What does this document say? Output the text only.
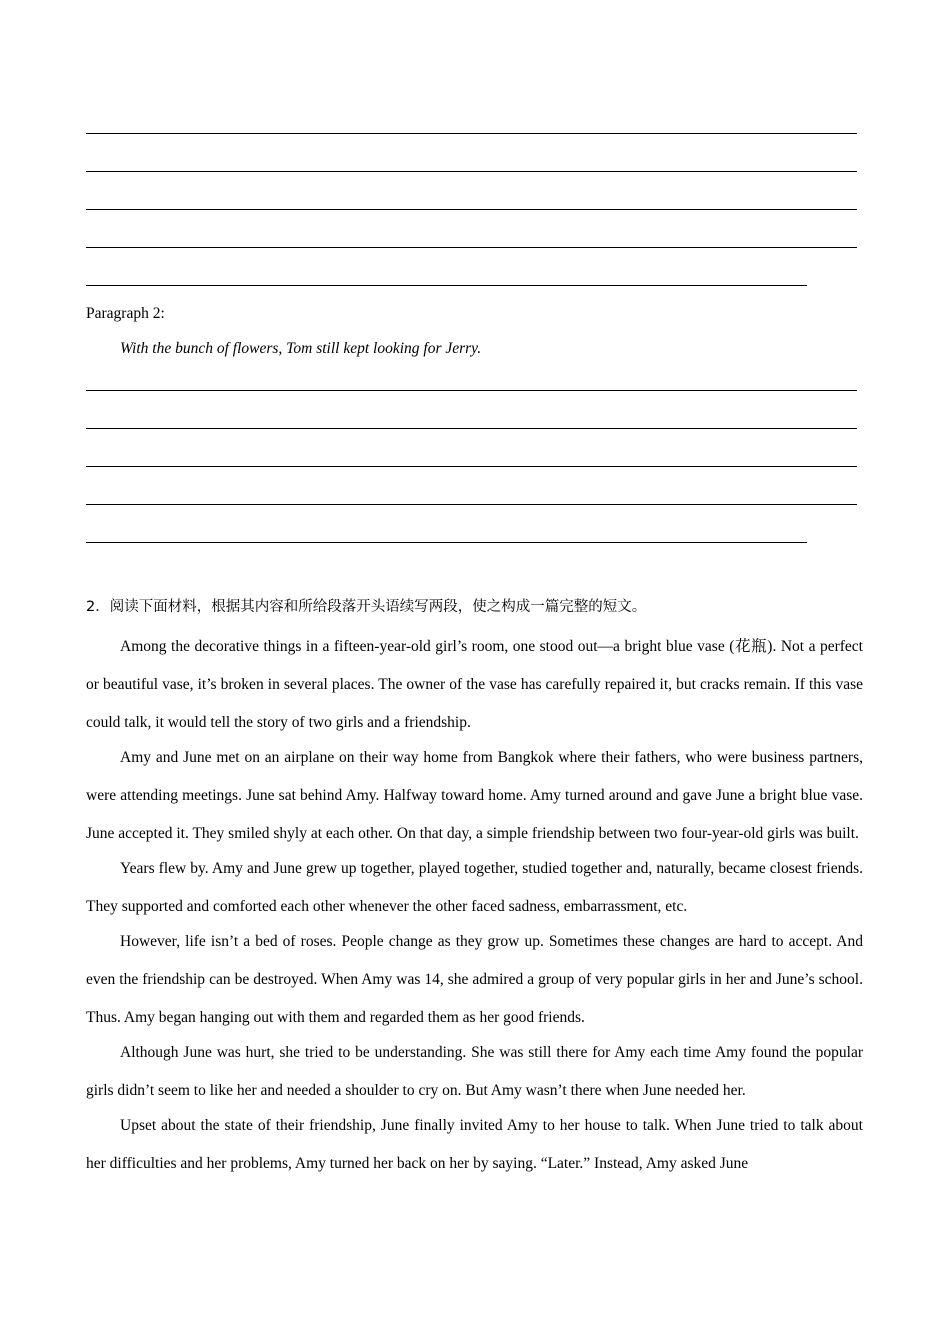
Paragraph 2:
With the bunch of flowers, Tom still kept looking for Jerry.
2．阅读下面材料，根据其内容和所给段落开头语续写两段，使之构成一篇完整的短文。

Among the decorative things in a fifteen-year-old girl’s room, one stood out—a bright blue vase (花瓶). Not a perfect or beautiful vase, it’s broken in several places. The owner of the vase has carefully repaired it, but cracks remain. If this vase could talk, it would tell the story of two girls and a friendship.

Amy and June met on an airplane on their way home from Bangkok where their fathers, who were business partners, were attending meetings. June sat behind Amy. Halfway toward home. Amy turned around and gave June a bright blue vase. June accepted it. They smiled shyly at each other. On that day, a simple friendship between two four-year-old girls was built.

Years flew by. Amy and June grew up together, played together, studied together and, naturally, became closest friends. They supported and comforted each other whenever the other faced sadness, embarrassment, etc.

However, life isn’t a bed of roses. People change as they grow up. Sometimes these changes are hard to accept. And even the friendship can be destroyed. When Amy was 14, she admired a group of very popular girls in her and June’s school. Thus. Amy began hanging out with them and regarded them as her good friends.

Although June was hurt, she tried to be understanding. She was still there for Amy each time Amy found the popular girls didn’t seem to like her and needed a shoulder to cry on. But Amy wasn’t there when June needed her.

Upset about the state of their friendship, June finally invited Amy to her house to talk. When June tried to talk about her difficulties and her problems, Amy turned her back on her by saying. “Later.” Instead, Amy asked June
